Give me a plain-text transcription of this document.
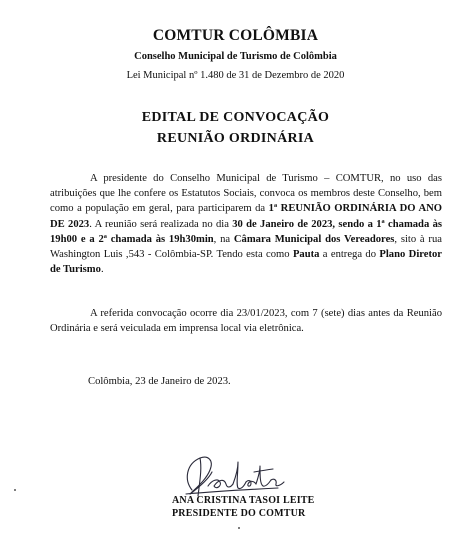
COMTUR COLÔMBIA
Conselho Municipal de Turismo de Colômbia
Lei Municipal nº 1.480 de 31 de Dezembro de 2020
EDITAL DE CONVOCAÇÃO
REUNIÃO ORDINÁRIA

A presidente do Conselho Municipal de Turismo – COMTUR, no uso das atribuições que lhe confere os Estatutos Sociais, convoca os membros deste Conselho, bem como a população em geral, para participarem da 1ª REUNIÃO ORDINÁRIA DO ANO DE 2023. A reunião será realizada no dia 30 de Janeiro de 2023, sendo a 1ª chamada às 19h00 e a 2ª chamada às 19h30min, na Câmara Municipal dos Vereadores, sito à rua Washington Luis ,543 - Colômbia-SP. Tendo esta como Pauta a entrega do Plano Diretor de Turismo.

A referida convocação ocorre dia 23/01/2023, com 7 (sete) dias antes da Reunião Ordinária e será veiculada em imprensa local via eletrônica.

Colômbia, 23 de Janeiro de 2023.
ANA CRISTINA TASOI LEITE
PRESIDENTE DO COMTUR
